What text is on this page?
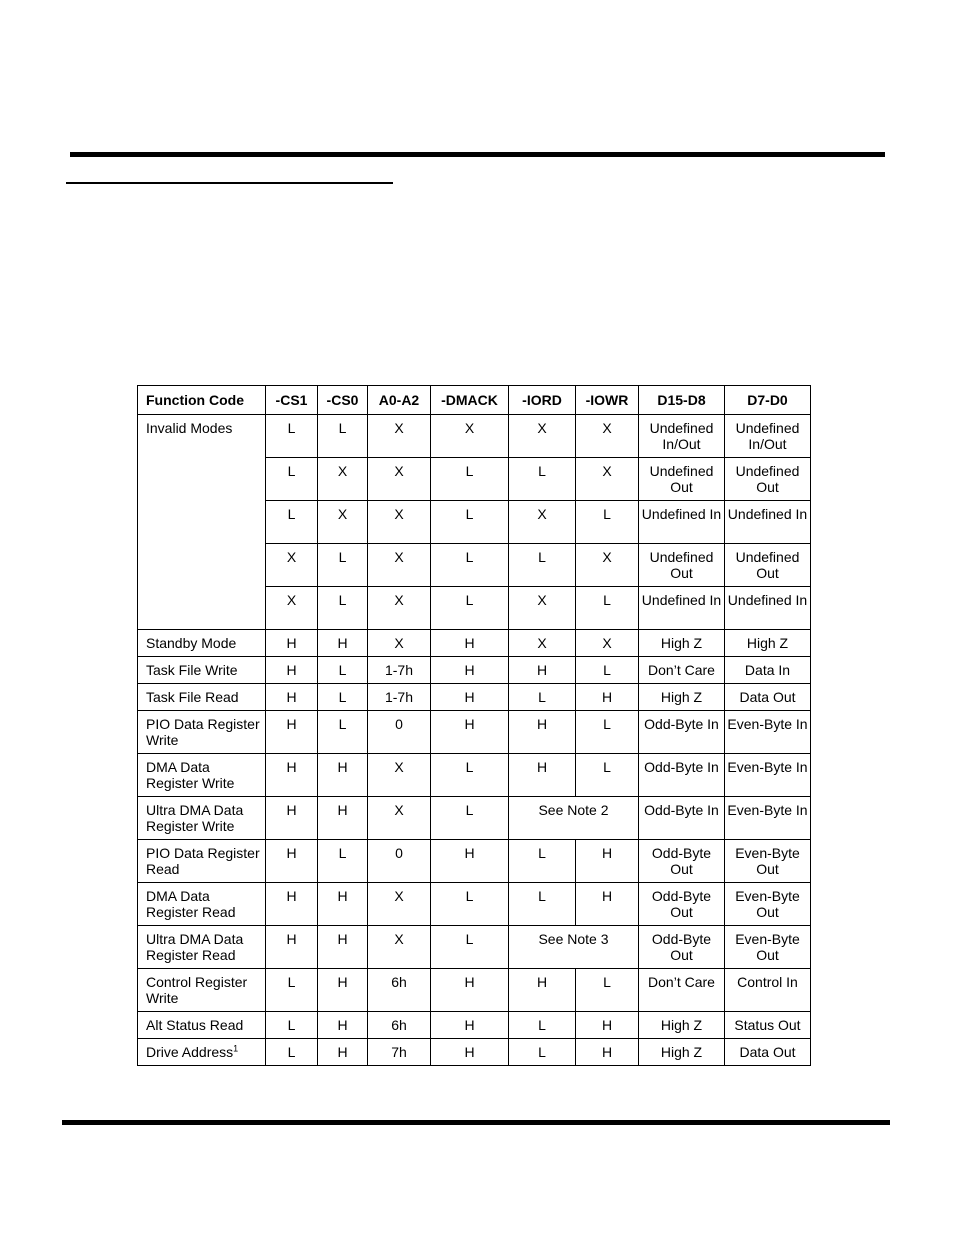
Function Code	-CS1	-CS0	A0-A2	-DMACK	-IORD	-IOWR	D15-D8	D7-D0
Invalid Modes	L	L	X	X	X	X	Undefined In/Out	Undefined In/Out
	L	X	X	L	L	X	Undefined Out	Undefined Out
	L	X	X	L	X	L	Undefined In	Undefined In
	X	L	X	L	L	X	Undefined Out	Undefined Out
	X	L	X	L	X	L	Undefined In	Undefined In
Standby Mode	H	H	X	H	X	X	High Z	High Z
Task File Write	H	L	1-7h	H	H	L	Don’t Care	Data In
Task File Read	H	L	1-7h	H	L	H	High Z	Data Out
PIO Data Register Write	H	L	0	H	H	L	Odd-Byte In	Even-Byte In
DMA Data Register Write	H	H	X	L	H	L	Odd-Byte In	Even-Byte In
Ultra DMA Data Register Write	H	H	X	L	See Note 2		Odd-Byte In	Even-Byte In
PIO Data Register Read	H	L	0	H	L	H	Odd-Byte Out	Even-Byte Out
DMA Data Register Read	H	H	X	L	L	H	Odd-Byte Out	Even-Byte Out
Ultra DMA Data Register Read	H	H	X	L	See Note 3		Odd-Byte Out	Even-Byte Out
Control Register Write	L	H	6h	H	H	L	Don’t Care	Control In
Alt Status Read	L	H	6h	H	L	H	High Z	Status Out
Drive Address$^1$	L	H	7h	H	L	H	High Z	Data Out
